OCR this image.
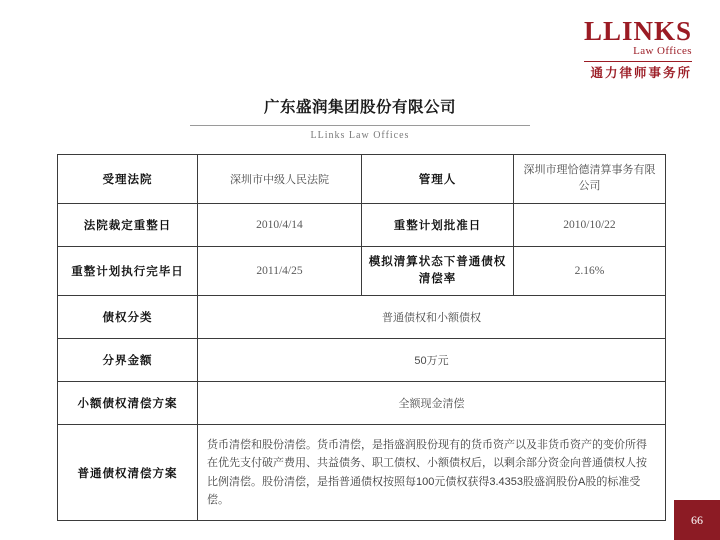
LLINKS
Law Offices
通力律师事务所
广东盛润集团股份有限公司
LLinks Law Offices
受理法院	深圳市中级人民法院	管理人	深圳市理恰德清算事务有限公司
法院裁定重整日	2010/4/14	重整计划批准日	2010/10/22
重整计划执行完毕日	2011/4/25	模拟清算状态下普通债权清偿率	2.16%
债权分类	普通债权和小额债权		
分界金额	50万元		
小额债权清偿方案	全额现金清偿		
普通债权清偿方案	货币清偿和股份清偿。货币清偿，是指盛润股份现有的货币资产以及非货币资产的变价所得在优先支付破产费用、共益债务、职工债权、小额债权后，以剩余部分资金向普通债权人按比例清偿。股份清偿，是指普通债权按照每100元债权获得3.4353股盛润股份A股的标准受偿。		
66
